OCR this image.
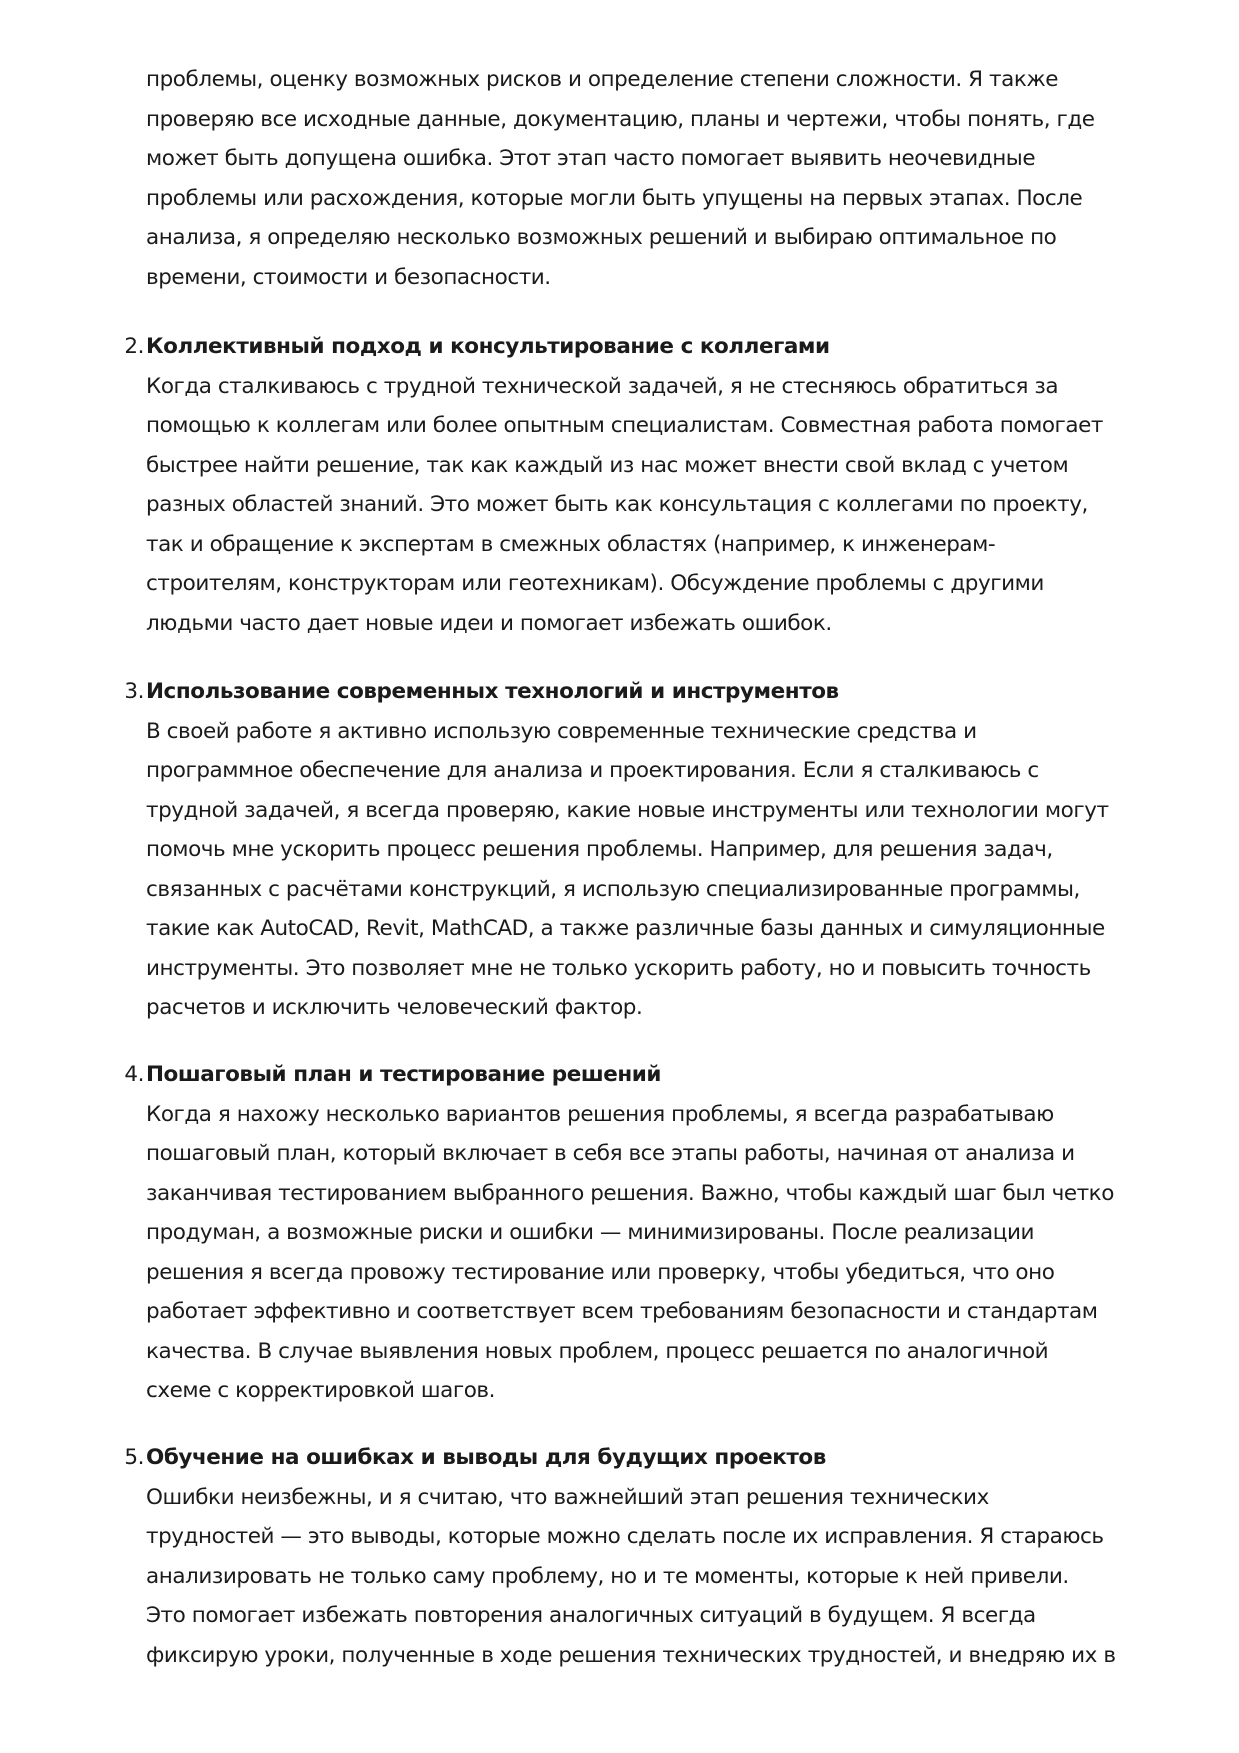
проблемы, оценку возможных рисков и определение степени сложности. Я также
проверяю все исходные данные, документацию, планы и чертежи, чтобы понять, где
может быть допущена ошибка. Этот этап часто помогает выявить неочевидные
проблемы или расхождения, которые могли быть упущены на первых этапах. После
анализа, я определяю несколько возможных решений и выбираю оптимальное по
времени, стоимости и безопасности.

2. Коллективный подход и консультирование с коллегами
Когда сталкиваюсь с трудной технической задачей, я не стесняюсь обратиться за
помощью к коллегам или более опытным специалистам. Совместная работа помогает
быстрее найти решение, так как каждый из нас может внести свой вклад с учетом
разных областей знаний. Это может быть как консультация с коллегами по проекту,
так и обращение к экспертам в смежных областях (например, к инженерам-
строителям, конструкторам или геотехникам). Обсуждение проблемы с другими
людьми часто дает новые идеи и помогает избежать ошибок.
3. Использование современных технологий и инструментов
В своей работе я активно использую современные технические средства и
программное обеспечение для анализа и проектирования. Если я сталкиваюсь с
трудной задачей, я всегда проверяю, какие новые инструменты или технологии могут
помочь мне ускорить процесс решения проблемы. Например, для решения задач,
связанных с расчётами конструкций, я использую специализированные программы,
такие как AutoCAD, Revit, MathCAD, а также различные базы данных и симуляционные
инструменты. Это позволяет мне не только ускорить работу, но и повысить точность
расчетов и исключить человеческий фактор.
4. Пошаговый план и тестирование решений
Когда я нахожу несколько вариантов решения проблемы, я всегда разрабатываю
пошаговый план, который включает в себя все этапы работы, начиная от анализа и
заканчивая тестированием выбранного решения. Важно, чтобы каждый шаг был четко
продуман, а возможные риски и ошибки — минимизированы. После реализации
решения я всегда провожу тестирование или проверку, чтобы убедиться, что оно
работает эффективно и соответствует всем требованиям безопасности и стандартам
качества. В случае выявления новых проблем, процесс решается по аналогичной
схеме с корректировкой шагов.
5. Обучение на ошибках и выводы для будущих проектов
Ошибки неизбежны, и я считаю, что важнейший этап решения технических
трудностей — это выводы, которые можно сделать после их исправления. Я стараюсь
анализировать не только саму проблему, но и те моменты, которые к ней привели.
Это помогает избежать повторения аналогичных ситуаций в будущем. Я всегда
фиксирую уроки, полученные в ходе решения технических трудностей, и внедряю их в
